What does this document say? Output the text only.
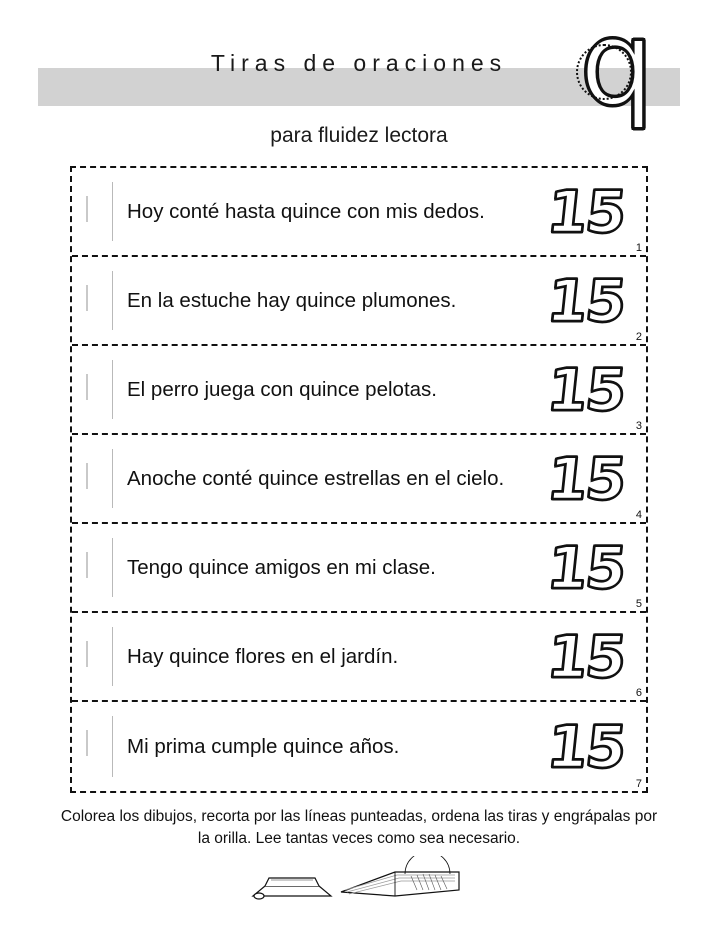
Tiras de oraciones q
para fluidez lectora
Hoy conté hasta quince con mis dedos.	15
1
En la estuche hay quince plumones.	15
2
El perro juega con quince pelotas.	15
3
Anoche conté quince estrellas en el cielo. 15
4
Tengo quince amigos en mi clase.	15
5
Hay quince flores en el jardín.	15
6
Mi prima cumple quince años.	15
7
Colorea los dibujos, recorta por las líneas punteadas, ordena las tiras y engrápalas por la orilla. Lee tantas veces como sea necesario.
